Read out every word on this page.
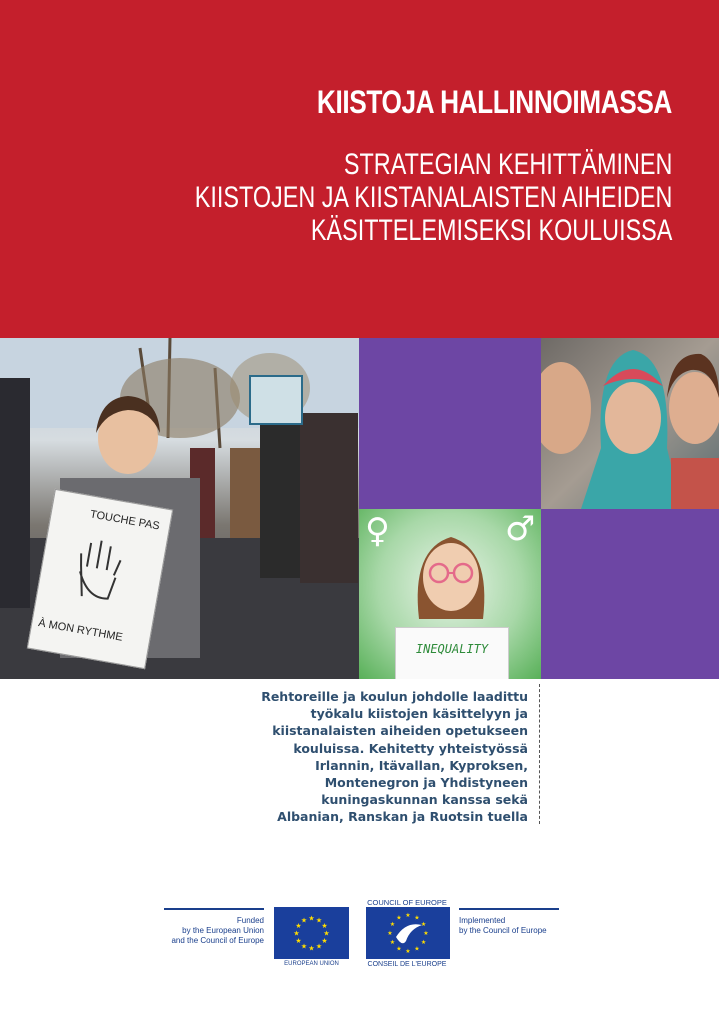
KIISTOJA HALLINNOIMASSA
STRATEGIAN KEHITTÄMINEN
KIISTOJEN JA KIISTANALAISTEN AIHEIDEN
KÄSITTELEMISEKSI KOULUISSA
TOUCHE PAS
À MON RYTHME
♀	♂
INEQUALITY
Rehtoreille ja koulun johdolle laadittu
työkalu kiistojen käsittelyyn ja
kiistanalaisten aiheiden opetukseen
kouluissa. Kehitetty yhteistyössä
Irlannin, Itävallan, Kyproksen,
Montenegron ja Yhdistyneen
kuningaskunnan kanssa sekä
Albanian, Ranskan ja Ruotsin tuella
Funded
by the European Union
and the Council of Europe
★
★
★
★
★
★
★
★
★ ★ ★
★
EUROPEAN UNION
COUNCIL OF EUROPE
★
★
★
★
★
★
★
★
★ ★ ★
★
CONSEIL DE L'EUROPE
Implemented
by the Council of Europe
